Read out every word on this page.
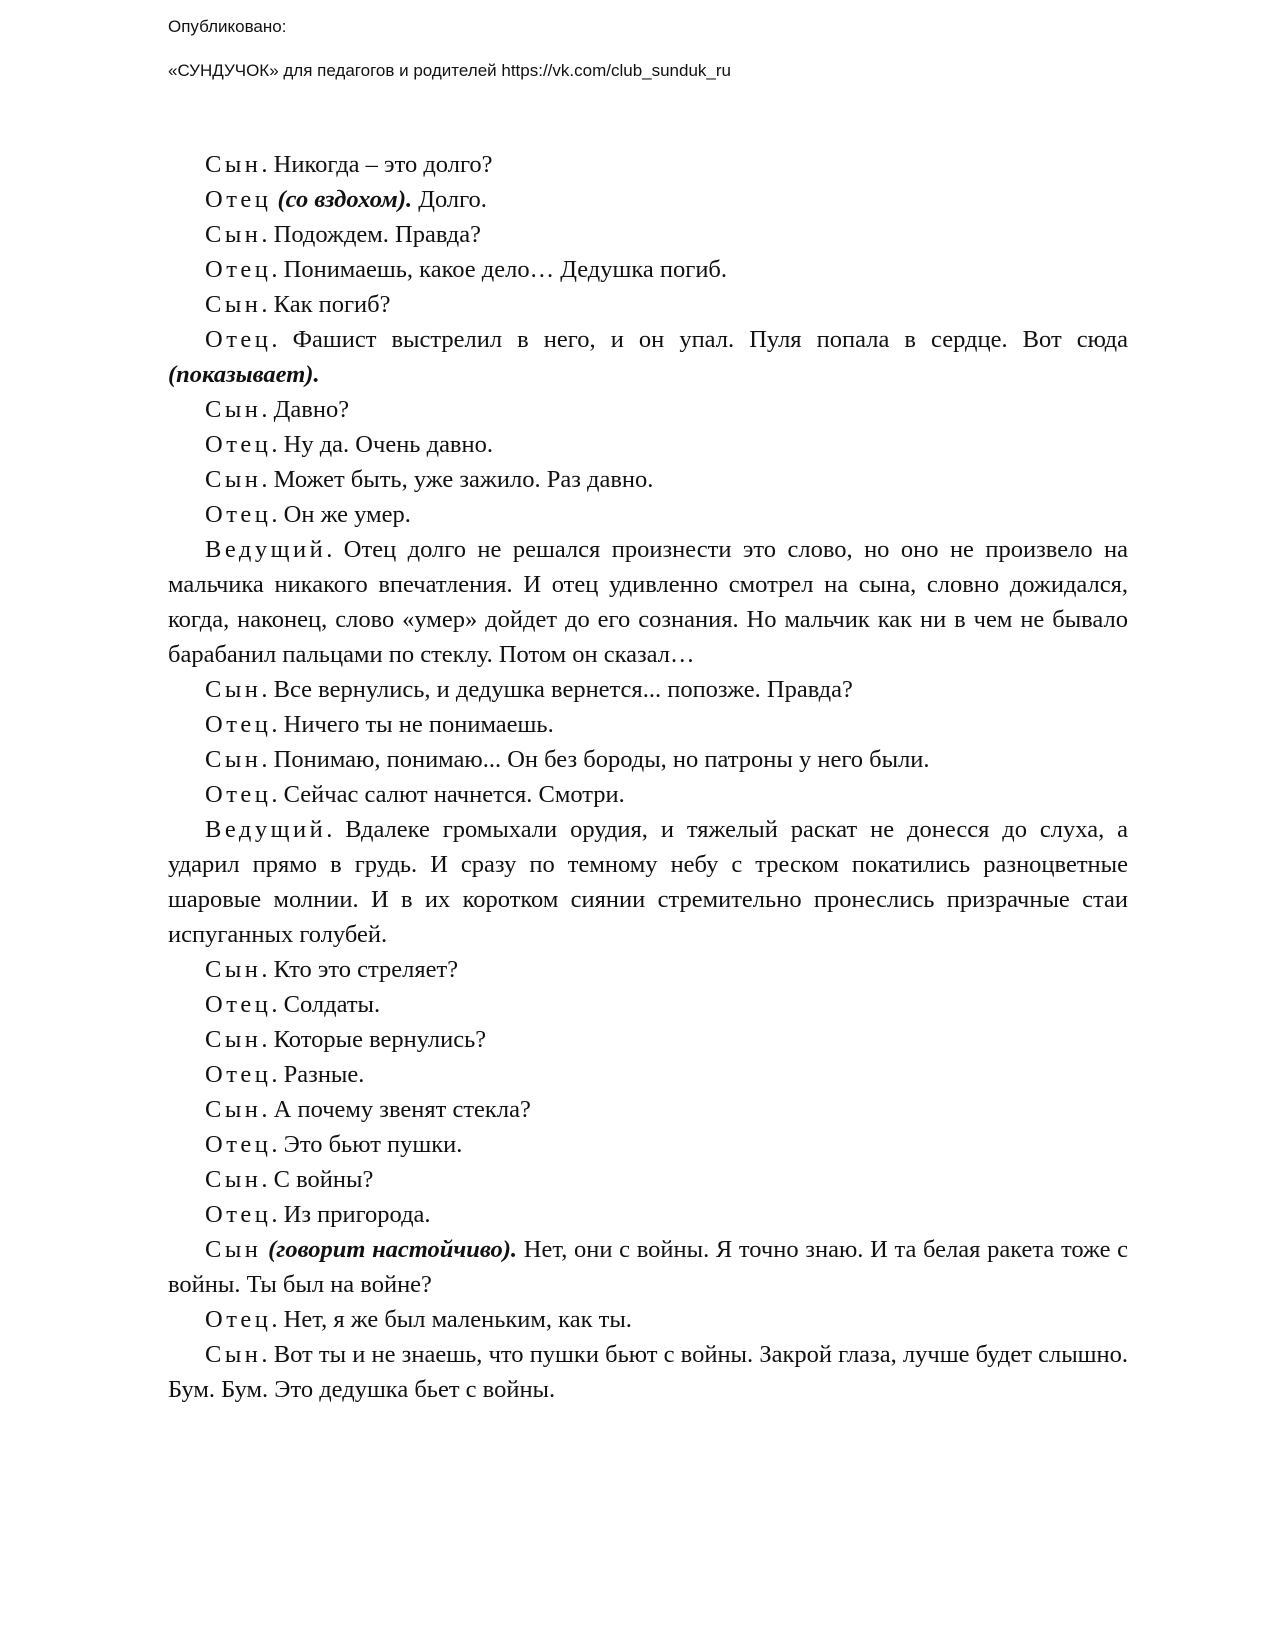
Опубликовано:
«СУНДУЧОК» для педагогов и родителей https://vk.com/club_sunduk_ru

Сын. Никогда – это долго?

Отец (со вздохом). Долго.

Сын. Подождем. Правда?

Отец. Понимаешь, какое дело… Дедушка погиб.

Сын. Как погиб?

Отец. Фашист выстрелил в него, и он упал. Пуля попала в сердце. Вот сюда (показывает).

Сын. Давно?

Отец. Ну да. Очень давно.

Сын. Может быть, уже зажило. Раз давно.

Отец. Он же умер.

Ведущий. Отец долго не решался произнести это слово, но оно не произвело на мальчика никакого впечатления. И отец удивленно смотрел на сына, словно дожидался, когда, наконец, слово «умер» дойдет до его сознания. Но мальчик как ни в чем не бывало барабанил пальцами по стеклу. Потом он сказал…

Сын. Все вернулись, и дедушка вернется... попозже. Правда?

Отец. Ничего ты не понимаешь.

Сын. Понимаю, понимаю... Он без бороды, но патроны у него были.

Отец. Сейчас салют начнется. Смотри.

Ведущий. Вдалеке громыхали орудия, и тяжелый раскат не донесся до слуха, а ударил прямо в грудь. И сразу по темному небу с треском покатились разноцветные шаровые молнии. И в их коротком сиянии стремительно пронеслись призрачные стаи испуганных голубей.

Сын. Кто это стреляет?

Отец. Солдаты.

Сын. Которые вернулись?

Отец. Разные.

Сын. А почему звенят стекла?

Отец. Это бьют пушки.

Сын. С войны?

Отец. Из пригорода.

Сын (говорит настойчиво). Нет, они с войны. Я точно знаю. И та белая ракета тоже с войны. Ты был на войне?

Отец. Нет, я же был маленьким, как ты.

Сын. Вот ты и не знаешь, что пушки бьют с войны. Закрой глаза, лучше будет слышно. Бум. Бум. Это дедушка бьет с войны.
